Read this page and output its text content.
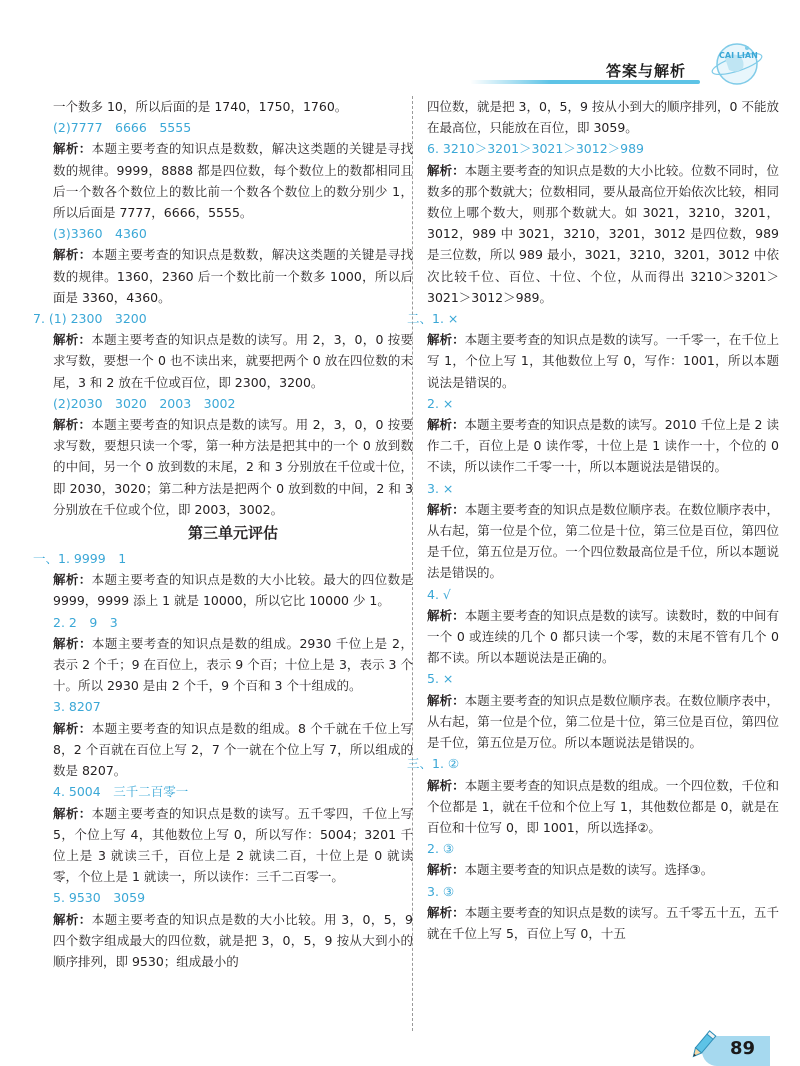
答案与解析
CAI LIAN

一个数多 10，所以后面的是 1740，1750，1760。

(2)7777　6666　5555

解析：本题主要考查的知识点是数数，解决这类题的关键是寻找数的规律。9999，8888 都是四位数，每个数位上的数都相同且后一个数各个数位上的数比前一个数各个数位上的数分别少 1，所以后面是 7777，6666，5555。

(3)3360　4360

解析：本题主要考查的知识点是数数，解决这类题的关键是寻找数的规律。1360，2360 后一个数比前一个数多 1000，所以后面是 3360，4360。

7. (1) 2300　3200

解析：本题主要考查的知识点是数的读写。用 2，3，0，0 按要求写数，要想一个 0 也不读出来，就要把两个 0 放在四位数的末尾，3 和 2 放在千位或百位，即 2300，3200。

(2)2030　3020　2003　3002

解析：本题主要考查的知识点是数的读写。用 2，3，0，0 按要求写数，要想只读一个零，第一种方法是把其中的一个 0 放到数的中间，另一个 0 放到数的末尾，2 和 3 分别放在千位或十位，即 2030，3020；第二种方法是把两个 0 放到数的中间，2 和 3 分别放在千位或个位，即 2003，3002。

第三单元评估

一、1. 9999　1

解析：本题主要考查的知识点是数的大小比较。最大的四位数是 9999，9999 添上 1 就是 10000，所以它比 10000 少 1。

2. 2　9　3

解析：本题主要考查的知识点是数的组成。2930 千位上是 2，表示 2 个千；9 在百位上，表示 9 个百；十位上是 3，表示 3 个十。所以 2930 是由 2 个千，9 个百和 3 个十组成的。

3. 8207

解析：本题主要考查的知识点是数的组成。8 个千就在千位上写 8，2 个百就在百位上写 2，7 个一就在个位上写 7，所以组成的数是 8207。

4. 5004　三千二百零一

解析：本题主要考查的知识点是数的读写。五千零四，千位上写 5，个位上写 4，其他数位上写 0，所以写作：5004；3201 千位上是 3 就读三千，百位上是 2 就读二百，十位上是 0 就读零，个位上是 1 就读一，所以读作：三千二百零一。

5. 9530　3059

解析：本题主要考查的知识点是数的大小比较。用 3，0，5，9 四个数字组成最大的四位数，就是把 3，0，5，9 按从大到小的顺序排列，即 9530；组成最小的

四位数，就是把 3，0，5，9 按从小到大的顺序排列，0 不能放在最高位，只能放在百位，即 3059。

6. 3210＞3201＞3021＞3012＞989

解析：本题主要考查的知识点是数的大小比较。位数不同时，位数多的那个数就大；位数相同，要从最高位开始依次比较，相同数位上哪个数大，则那个数就大。如 3021，3210，3201，3012，989 中 3021，3210，3201，3012 是四位数，989 是三位数，所以 989 最小，3021，3210，3201，3012 中依次比较千位、百位、十位、个位，从而得出 3210＞3201＞3021＞3012＞989。

二、1. ×

解析：本题主要考查的知识点是数的读写。一千零一，在千位上写 1，个位上写 1，其他数位上写 0，写作：1001，所以本题说法是错误的。

2. ×

解析：本题主要考查的知识点是数的读写。2010 千位上是 2 读作二千，百位上是 0 读作零，十位上是 1 读作一十，个位的 0 不读，所以读作二千零一十，所以本题说法是错误的。

3. ×

解析：本题主要考查的知识点是数位顺序表。在数位顺序表中，从右起，第一位是个位，第二位是十位，第三位是百位，第四位是千位，第五位是万位。一个四位数最高位是千位，所以本题说法是错误的。

4. √

解析：本题主要考查的知识点是数的读写。读数时，数的中间有一个 0 或连续的几个 0 都只读一个零，数的末尾不管有几个 0 都不读。所以本题说法是正确的。

5. ×

解析：本题主要考查的知识点是数位顺序表。在数位顺序表中，从右起，第一位是个位，第二位是十位，第三位是百位，第四位是千位，第五位是万位。所以本题说法是错误的。

三、1. ②

解析：本题主要考查的知识点是数的组成。一个四位数，千位和个位都是 1，就在千位和个位上写 1，其他数位都是 0，就是在百位和十位写 0，即 1001，所以选择②。

2. ③

解析：本题主要考查的知识点是数的读写。选择③。

3. ③

解析：本题主要考查的知识点是数的读写。五千零五十五，五千就在千位上写 5，百位上写 0，十五

89
